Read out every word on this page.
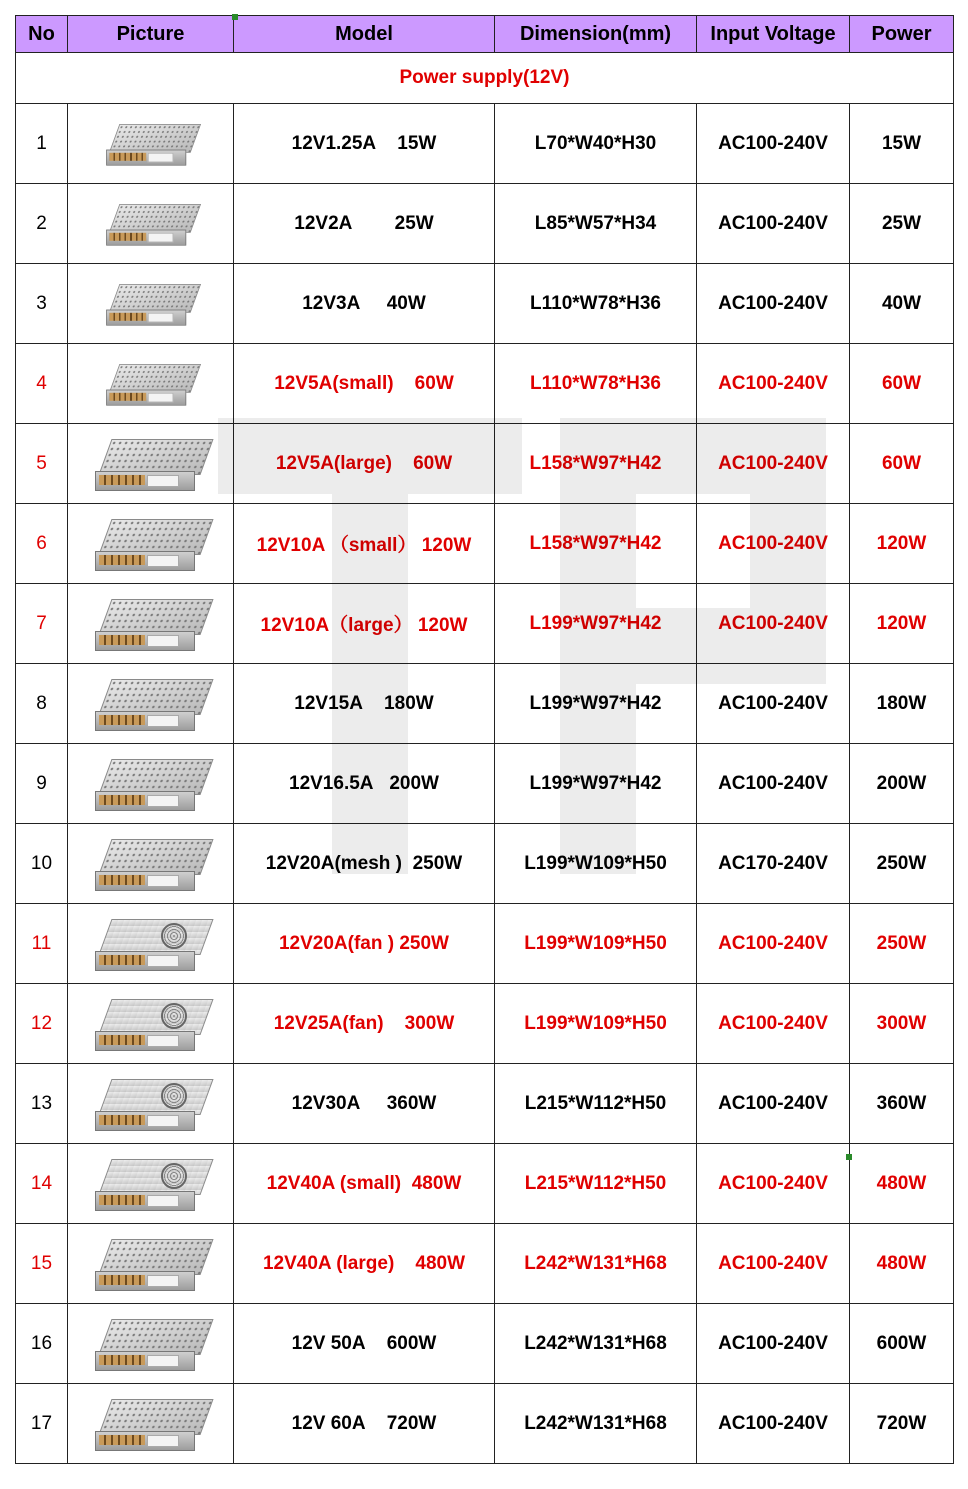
No	Picture	Model	Dimension(mm)	Input Voltage	Power
Power supply(12V)					
1		12V1.25A    15W	L70*W40*H30	AC100-240V	15W
2		12V2A        25W	L85*W57*H34	AC100-240V	25W
3		12V3A     40W	L110*W78*H36	AC100-240V	40W
4		12V5A(small)    60W	L110*W78*H36	AC100-240V	60W
5		12V5A(large)    60W	L158*W97*H42	AC100-240V	60W
6		12V10A （small） 120W	L158*W97*H42	AC100-240V	120W
7		12V10A（large） 120W	L199*W97*H42	AC100-240V	120W
8		12V15A    180W	L199*W97*H42	AC100-240V	180W
9		12V16.5A   200W	L199*W97*H42	AC100-240V	200W
10		12V20A(mesh )  250W	L199*W109*H50	AC170-240V	250W
11		12V20A(fan ) 250W	L199*W109*H50	AC100-240V	250W
12		12V25A(fan)    300W	L199*W109*H50	AC100-240V	300W
13		12V30A     360W	L215*W112*H50	AC100-240V	360W
14		12V40A (small)  480W	L215*W112*H50	AC100-240V	480W
15		12V40A (large)    480W	L242*W131*H68	AC100-240V	480W
16		12V 50A    600W	L242*W131*H68	AC100-240V	600W
17		12V 60A    720W	L242*W131*H68	AC100-240V	720W
